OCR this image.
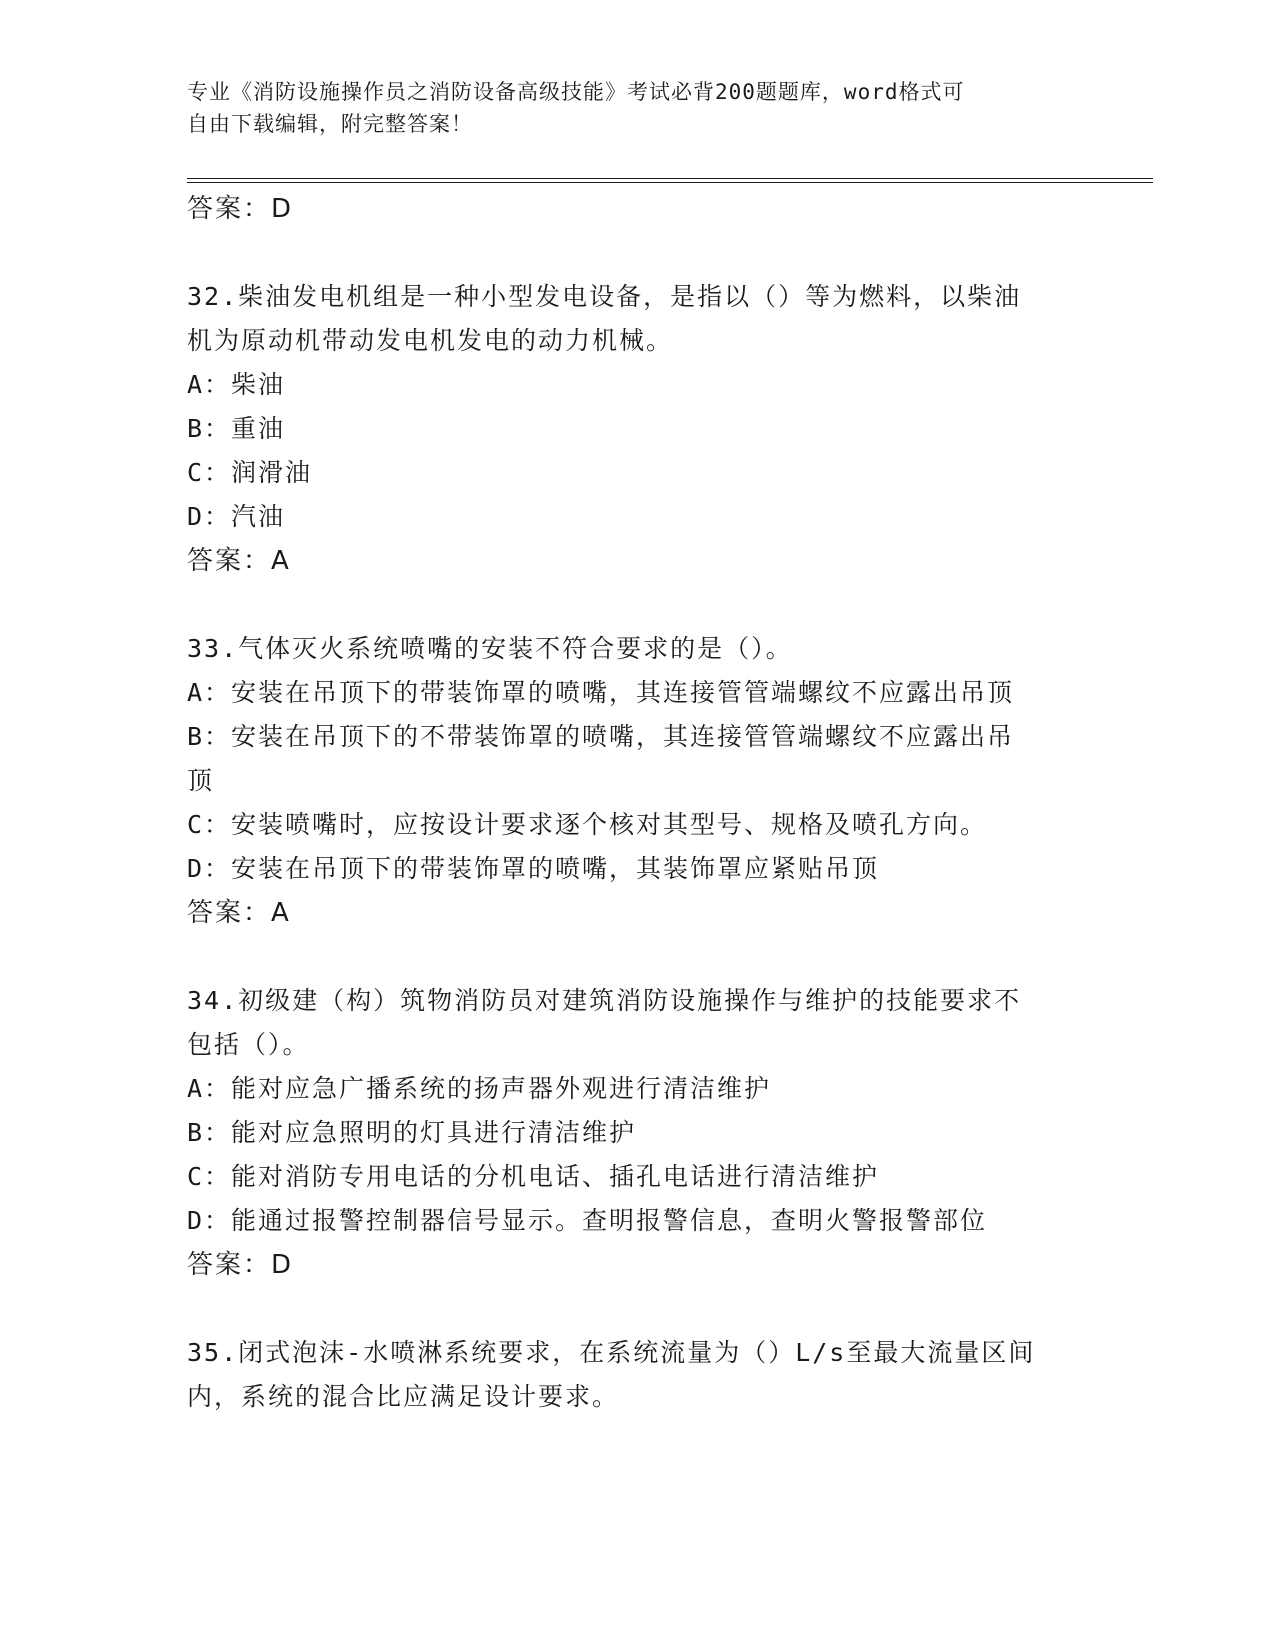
专业《消防设施操作员之消防设备高级技能》考试必背200题题库，word格式可
自由下载编辑，附完整答案！
答案：D
32.柴油发电机组是一种小型发电设备，是指以（）等为燃料，以柴油
机为原动机带动发电机发电的动力机械。
A：柴油
B：重油
C：润滑油
D：汽油
答案：A
33.气体灭火系统喷嘴的安装不符合要求的是（）。
A：安装在吊顶下的带装饰罩的喷嘴，其连接管管端螺纹不应露出吊顶
B：安装在吊顶下的不带装饰罩的喷嘴，其连接管管端螺纹不应露出吊
顶
C：安装喷嘴时，应按设计要求逐个核对其型号、规格及喷孔方向。
D：安装在吊顶下的带装饰罩的喷嘴，其装饰罩应紧贴吊顶
答案：A
34.初级建（构）筑物消防员对建筑消防设施操作与维护的技能要求不
包括（）。
A：能对应急广播系统的扬声器外观进行清洁维护
B：能对应急照明的灯具进行清洁维护
C：能对消防专用电话的分机电话、插孔电话进行清洁维护
D：能通过报警控制器信号显示。查明报警信息，查明火警报警部位
答案：D
35.闭式泡沫-水喷淋系统要求，在系统流量为（）L/s至最大流量区间
内，系统的混合比应满足设计要求。
